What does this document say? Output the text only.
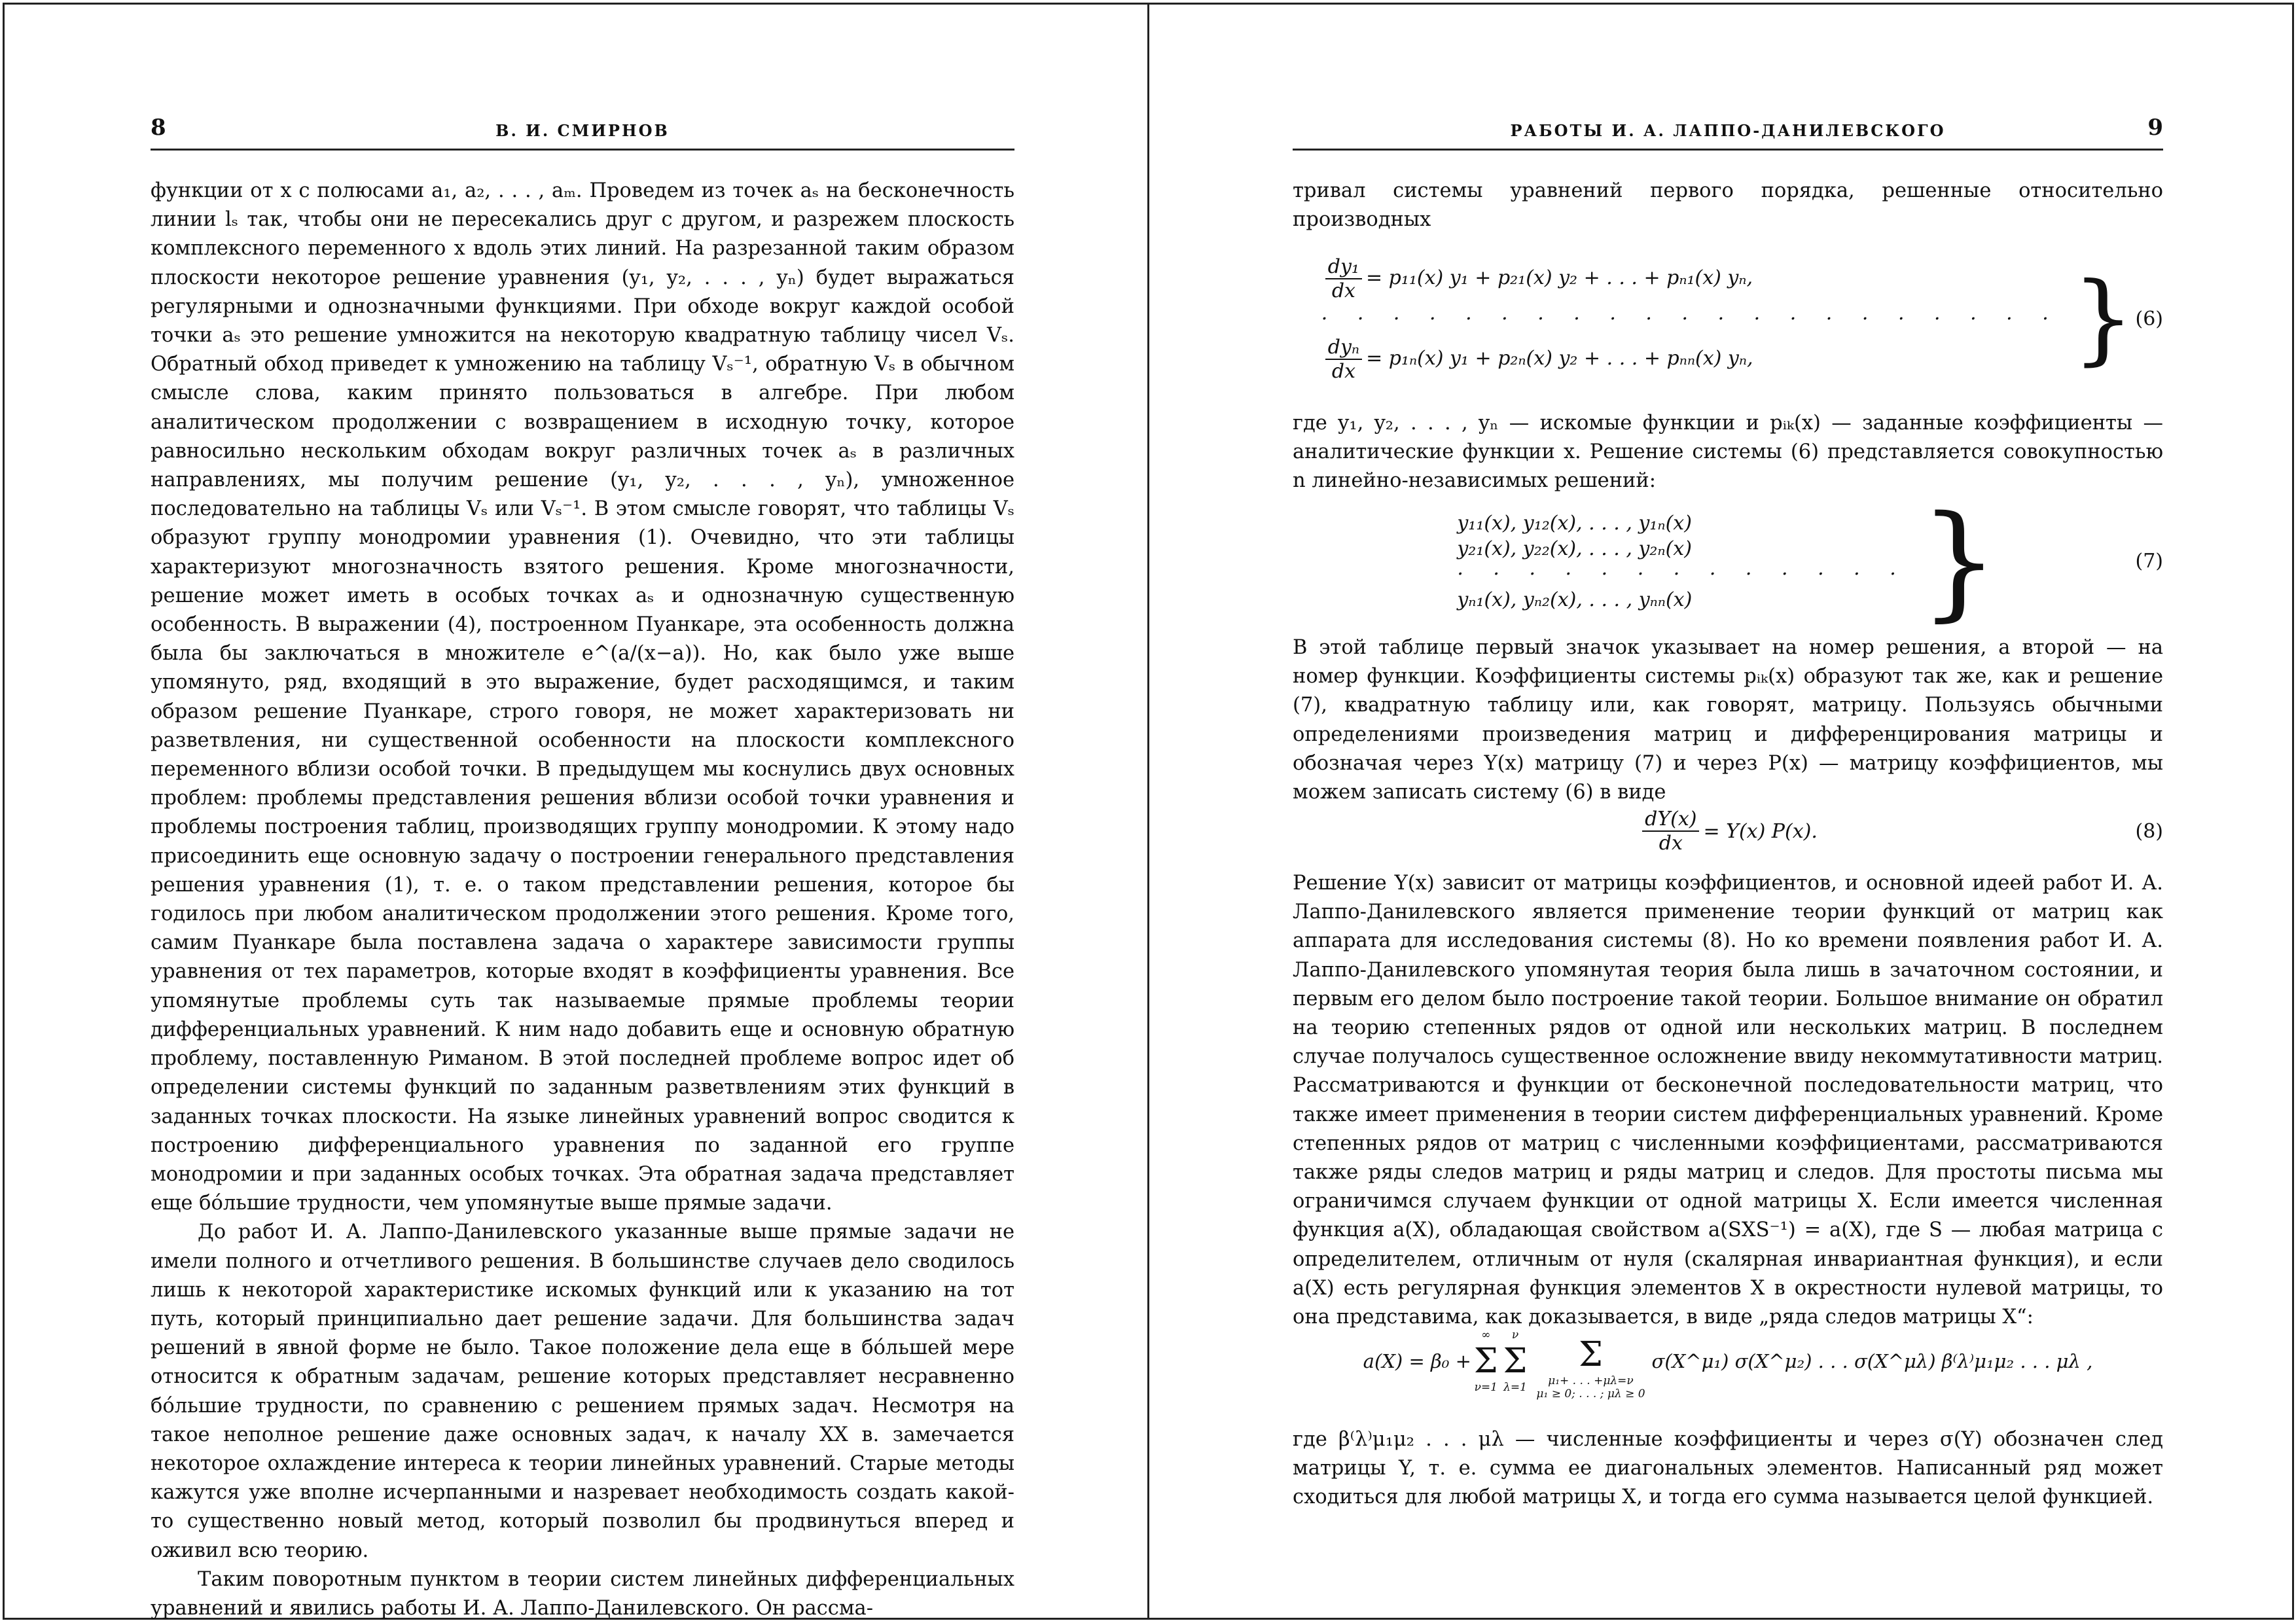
8	В. И. СМИРНОВ

функции от x с полюсами a₁, a₂, . . . , aₘ. Проведем из точек aₛ на бесконечность линии lₛ так, чтобы они не пересекались друг с другом, и разрежем плоскость комплексного переменного x вдоль этих линий. На разрезанной таким образом плоскости некоторое решение уравнения (y₁, y₂, . . . , yₙ) будет выражаться регулярными и однозначными функциями. При обходе вокруг каждой особой точки aₛ это решение умножится на некоторую квадратную таблицу чисел Vₛ. Обратный обход приведет к умножению на таблицу Vₛ⁻¹, обратную Vₛ в обычном смысле слова, каким принято пользоваться в алгебре. При любом аналитическом продолжении с возвращением в исходную точку, которое равносильно нескольким обходам вокруг различных точек aₛ в различных направлениях, мы получим решение (y₁, y₂, . . . , yₙ), умноженное последовательно на таблицы Vₛ или Vₛ⁻¹. В этом смысле говорят, что таблицы Vₛ образуют группу монодромии уравнения (1). Очевидно, что эти таблицы характеризуют многозначность взятого решения. Кроме многозначности, решение может иметь в особых точках aₛ и однозначную существенную особенность. В выражении (4), построенном Пуанкаре, эта особенность должна была бы заключаться в множителе e^(a/(x−a)). Но, как было уже выше упомянуто, ряд, входящий в это выражение, будет расходящимся, и таким образом решение Пуанкаре, строго говоря, не может характеризовать ни разветвления, ни существенной особенности на плоскости комплексного переменного вблизи особой точки. В предыдущем мы коснулись двух основных проблем: проблемы представления решения вблизи особой точки уравнения и проблемы построения таблиц, производящих группу монодромии. К этому надо присоединить еще основную задачу о построении генерального представления решения уравнения (1), т. е. о таком представлении решения, которое бы годилось при любом аналитическом продолжении этого решения. Кроме того, самим Пуанкаре была поставлена задача о характере зависимости группы уравнения от тех параметров, которые входят в коэффициенты уравнения. Все упомянутые проблемы суть так называемые прямые проблемы теории дифференциальных уравнений. К ним надо добавить еще и основную обратную проблему, поставленную Риманом. В этой последней проблеме вопрос идет об определении системы функций по заданным разветвлениям этих функций в заданных точках плоскости. На языке линейных уравнений вопрос сводится к построению дифференциального уравнения по заданной его группе монодромии и при заданных особых точках. Эта обратная задача представляет еще бо́льшие трудности, чем упомянутые выше прямые задачи.

До работ И. А. Лаппо-Данилевского указанные выше прямые задачи не имели полного и отчетливого решения. В большинстве случаев дело сводилось лишь к некоторой характеристике искомых функций или к указанию на тот путь, который принципиально дает решение задачи. Для большинства задач решений в явной форме не было. Такое положение дела еще в бо́льшей мере относится к обратным задачам, решение которых представляет несравненно бо́льшие трудности, по сравнению с решением прямых задач. Несмотря на такое неполное решение даже основных задач, к началу XX в. замечается некоторое охлаждение интереса к теории линейных уравнений. Старые методы кажутся уже вполне исчерпанными и назревает необходимость создать какой-то существенно новый метод, который позволил бы продвинуться вперед и оживил всю теорию.

Таким поворотным пунктом в теории систем линейных дифференциальных уравнений и явились работы И. А. Лаппо-Данилевского. Он рассма-

РАБОТЫ И. А. ЛАППО-ДАНИЛЕВСКОГО	9

тривал системы уравнений первого порядка, решенные относительно производных

$\frac{\text{dy₁}}{dx} = p_{11}(x) y_1 + p_{21}(x) y_2$ + . . . + pₙ₁(x) yₙ,
· · · · · · · · · · · · · · · · · · · · ·
$\frac{\text{dyₙ}}{dx} = p_{1n}(x) y_1 + p_{2n}(x) y_2$ + . . . + pₙₙ(x) yₙ,	} (6)

где y₁, y₂, . . . , yₙ — искомые функции и pᵢₖ(x) — заданные коэффициенты — аналитические функции x. Решение системы (6) представляется совокупностью n линейно-независимых решений:

y₁₁(x), y₁₂(x), . . . , y₁ₙ(x)
y₂₁(x), y₂₂(x), . . . , y₂ₙ(x)
· · · · · · · · · · · · ·
yₙ₁(x), yₙ₂(x), . . . , yₙₙ(x)	}	(7)

В этой таблице первый значок указывает на номер решения, а второй — на номер функции. Коэффициенты системы pᵢₖ(x) образуют так же, как и решение (7), квадратную таблицу или, как говорят, матрицу. Пользуясь обычными определениями произведения матриц и дифференцирования матрицы и обозначая через Y(x) матрицу (7) и через P(x) — матрицу коэффициентов, мы можем записать систему (6) в виде

$\frac{dY(x)}{dx} = Y(x)$ P(x).	(8)

Решение Y(x) зависит от матрицы коэффициентов, и основной идеей работ И. А. Лаппо-Данилевского является применение теории функций от матриц как аппарата для исследования системы (8). Но ко времени появления работ И. А. Лаппо-Данилевского упомянутая теория была лишь в зачаточном состоянии, и первым его делом было построение такой теории. Большое внимание он обратил на теорию степенных рядов от одной или нескольких матриц. В последнем случае получалось существенное осложнение ввиду некоммутативности матриц. Рассматриваются и функции от бесконечной последовательности матриц, что также имеет применения в теории систем дифференциальных уравнений. Кроме степенных рядов от матриц с численными коэффициентами, рассматриваются также ряды следов матриц и ряды матриц и следов. Для простоты письма мы ограничимся случаем функции от одной матрицы X. Если имеется численная функция a(X), обладающая свойством a(SXS⁻¹) = a(X), где S — любая матрица с определителем, отличным от нуля (скалярная инвариантная функция), и если a(X) есть регулярная функция элементов X в окрестности нулевой матрицы, то она представима, как доказывается, в виде „ряда следов матрицы X“:

a(X) = β₀ +
∞
Σ
ν=1
ν
Σ
λ=1

Σ
μ₁+ . . . +μλ=ν
μ₁ ≥ 0; . . . ; μλ ≥ 0
σ(X^μ₁) σ(X^μ₂) . . . σ(X^μλ) β⁽λ⁾μ₁μ₂ . . . μλ ,

где β⁽λ⁾μ₁μ₂ . . . μλ — численные коэффициенты и через σ(Y) обозначен след матрицы Y, т. е. сумма ее диагональных элементов. Написанный ряд может сходиться для любой матрицы X, и тогда его сумма называется целой функцией.
